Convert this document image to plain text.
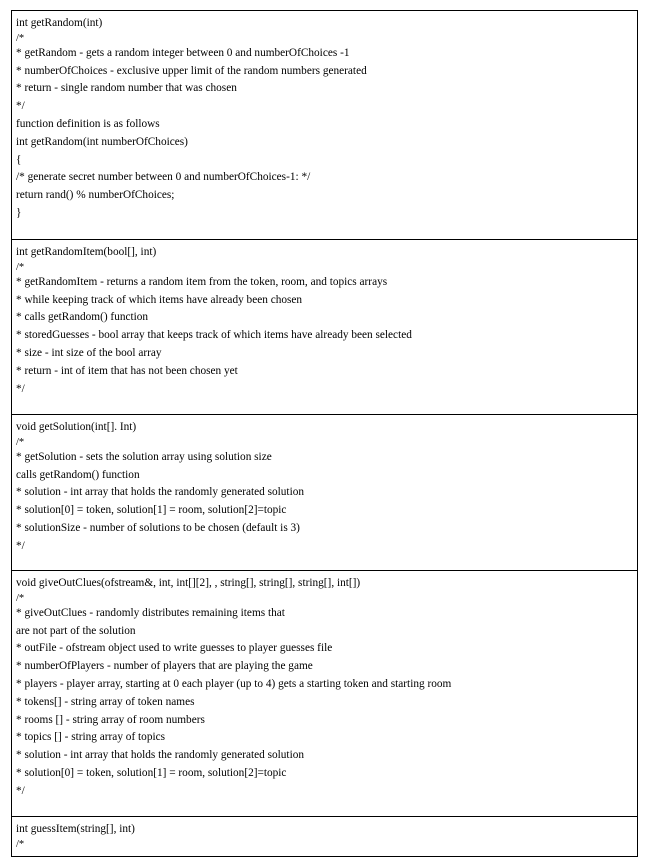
int getRandom(int)
/*
* getRandom - gets a random integer between 0 and numberOfChoices -1
* numberOfChoices - exclusive upper limit of the random numbers generated
* return - single random number that was chosen
*/
function definition is as follows
int getRandom(int numberOfChoices)
{
/* generate secret number between 0 and numberOfChoices-1: */
return rand() % numberOfChoices;
}
int getRandomItem(bool[], int)
/*
* getRandomItem - returns a random item from the token, room, and topics arrays
* while keeping track of which items have already been chosen
* calls getRandom() function
* storedGuesses - bool array that keeps track of which items have already been selected
* size - int size of the bool array
* return - int of item that has not been chosen yet
*/
void getSolution(int[]. Int)
/*
* getSolution - sets the solution array using solution size
calls getRandom() function
* solution - int array that holds the randomly generated solution
* solution[0] = token, solution[1] = room, solution[2]=topic
* solutionSize - number of solutions to be chosen (default is 3)
*/
void giveOutClues(ofstream&, int, int[][2], , string[], string[], string[], int[])
/*
* giveOutClues - randomly distributes remaining items that
are not part of the solution
* outFile - ofstream object used to write guesses to player guesses file
* numberOfPlayers - number of players that are playing the game
* players - player array, starting at 0 each player (up to 4) gets a starting token and starting room
* tokens[] - string array of token names
* rooms [] - string array of room numbers
* topics [] - string array of topics
* solution - int array that holds the randomly generated solution
* solution[0] = token, solution[1] = room, solution[2]=topic
*/
int guessItem(string[], int)
/*
